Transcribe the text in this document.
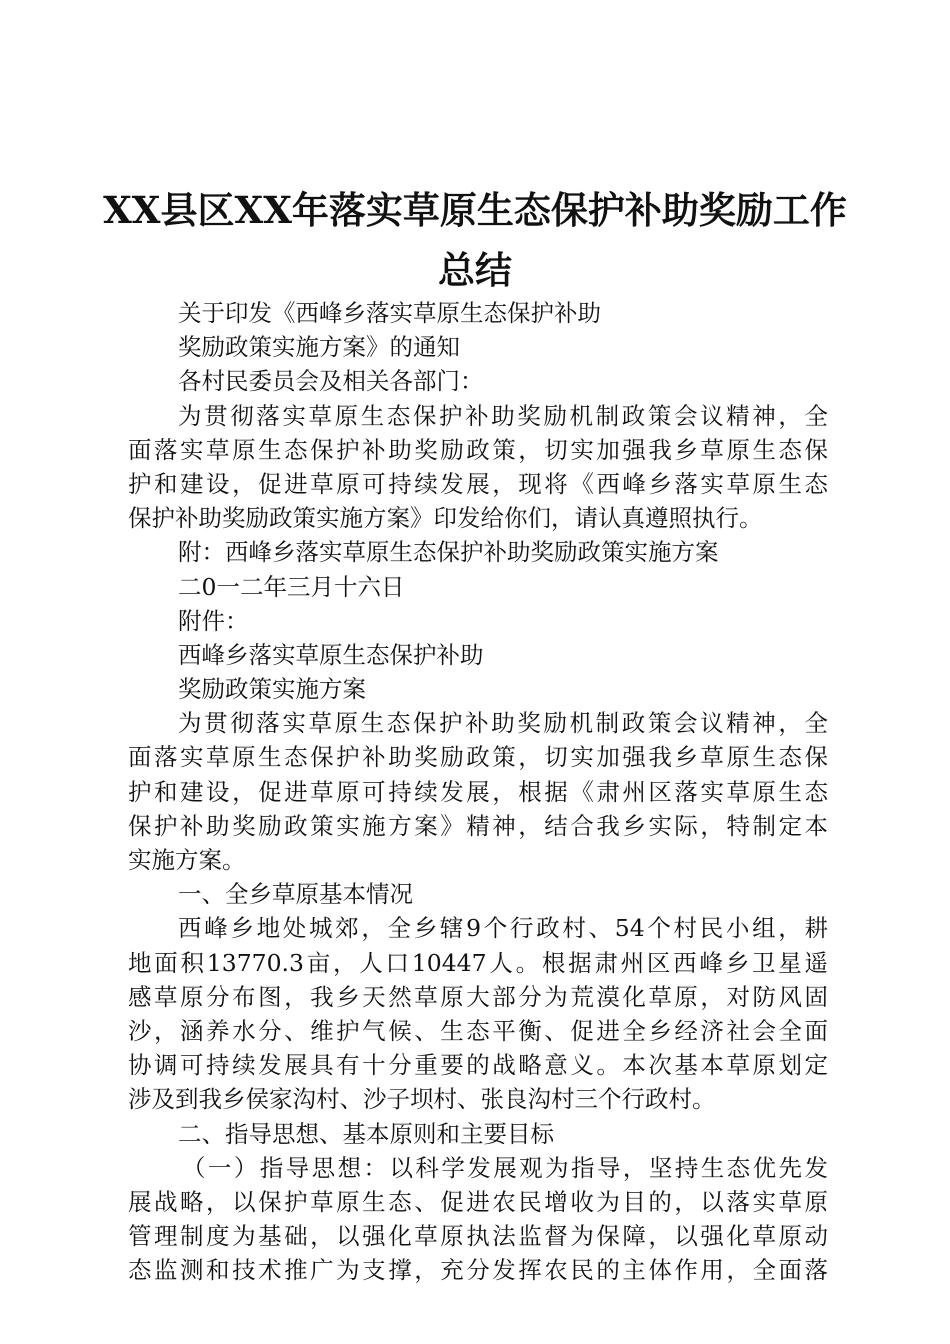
XX县区XX年落实草原生态保护补助奖励工作
总结
关于印发《西峰乡落实草原生态保护补助
奖励政策实施方案》的通知
各村民委员会及相关各部门：
为贯彻落实草原生态保护补助奖励机制政策会议精神，全
面落实草原生态保护补助奖励政策，切实加强我乡草原生态保
护和建设，促进草原可持续发展，现将《西峰乡落实草原生态
保护补助奖励政策实施方案》印发给你们，请认真遵照执行。
附：西峰乡落实草原生态保护补助奖励政策实施方案
二0一二年三月十六日
附件：
西峰乡落实草原生态保护补助
奖励政策实施方案
为贯彻落实草原生态保护补助奖励机制政策会议精神，全
面落实草原生态保护补助奖励政策，切实加强我乡草原生态保
护和建设，促进草原可持续发展，根据《肃州区落实草原生态
保护补助奖励政策实施方案》精神，结合我乡实际，特制定本
实施方案。
一、全乡草原基本情况
西峰乡地处城郊，全乡辖9个行政村、54个村民小组，耕
地面积13770.3亩，人口10447人。根据肃州区西峰乡卫星遥
感草原分布图，我乡天然草原大部分为荒漠化草原，对防风固
沙，涵养水分、维护气候、生态平衡、促进全乡经济社会全面
协调可持续发展具有十分重要的战略意义。本次基本草原划定
涉及到我乡侯家沟村、沙子坝村、张良沟村三个行政村。
二、指导思想、基本原则和主要目标
（一）指导思想：以科学发展观为指导，坚持生态优先发
展战略，以保护草原生态、促进农民增收为目的，以落实草原
管理制度为基础，以强化草原执法监督为保障，以强化草原动
态监测和技术推广为支撑，充分发挥农民的主体作用，全面落
